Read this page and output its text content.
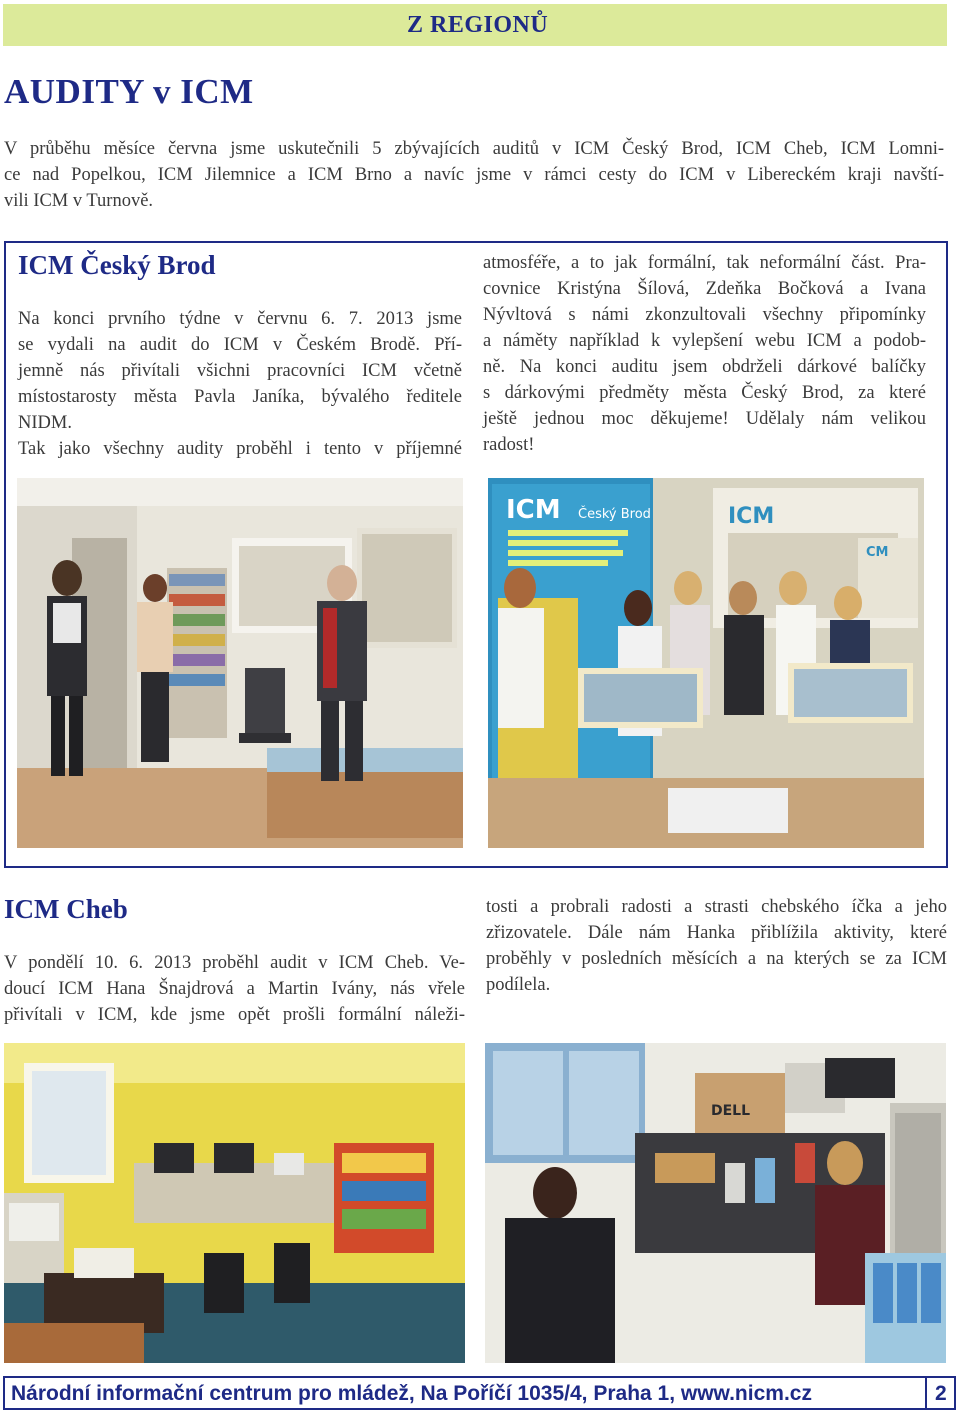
Z REGIONŮ
AUDITY v ICM
V průběhu měsíce června jsme uskutečnili 5 zbývajících auditů v ICM Český Brod, ICM Cheb, ICM Lomni-
ce nad Popelkou, ICM Jilemnice a ICM Brno a navíc jsme v rámci cesty do ICM v Libereckém kraji navští-
vili ICM v Turnově.
ICM Český Brod
Na konci prvního týdne v červnu 6. 7. 2013 jsme
se vydali na audit do ICM v Českém Brodě. Pří-
jemně nás přivítali všichni pracovníci ICM včetně
místostarosty města Pavla Janíka, bývalého ředitele
NIDM.
Tak jako všechny audity proběhl i tento v příjemné
atmosféře, a to jak formální, tak neformální část. Pra-
covnice Kristýna Šílová, Zdeňka Bočková a Ivana
Nývltová s námi zkonzultovali všechny připomínky
a náměty například k vylepšení webu ICM a podob-
ně. Na konci auditu jsem obdrželi dárkové balíčky
s dárkovými předměty města Český Brod, za které
ještě jednou moc děkujeme! Udělaly nám velikou
radost!
ICM Český Brod	ICM
CM
ICM Cheb
V pondělí 10. 6. 2013 proběhl audit v ICM Cheb. Ve-
doucí ICM Hana Šnajdrová a Martin Ivány, nás vřele
přivítali v ICM, kde jsme opět prošli formální náleži-
tosti a probrali radosti a strasti chebského íčka a jeho
zřizovatele. Dále nám Hanka přiblížila aktivity, které
proběhly v posledních měsících a na kterých se za ICM
podílela.
DELL
Národní informační centrum pro mládež, Na Poříčí 1035/4, Praha 1, www.nicm.cz	2
